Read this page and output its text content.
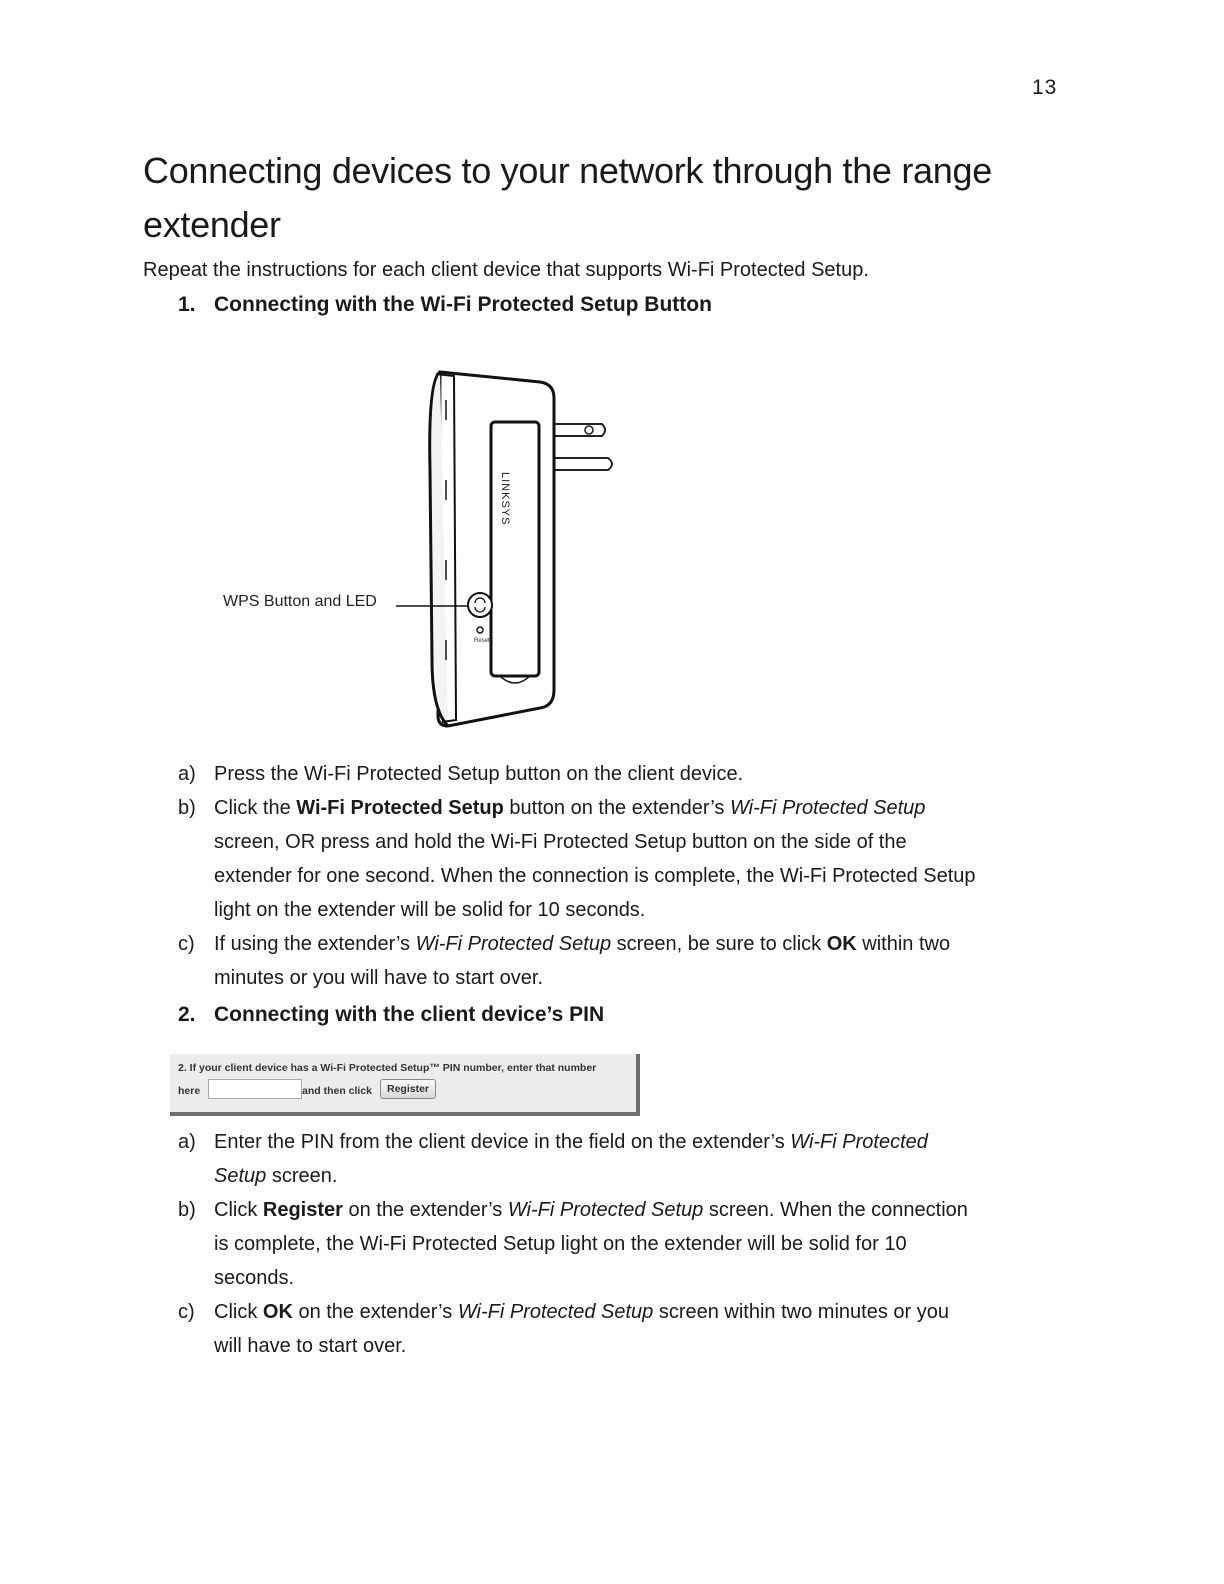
13
Connecting devices to your network through the range extender

Repeat the instructions for each client device that supports Wi-Fi Protected Setup.

1. Connecting with the Wi-Fi Protected Setup Button
LINKSYS
Reset
WPS Button and LED
a) Press the Wi-Fi Protected Setup button on the client device.
b) Click the Wi-Fi Protected Setup button on the extender’s Wi-Fi Protected Setup screen, OR press and hold the Wi-Fi Protected Setup button on the side of the extender for one second. When the connection is complete, the Wi-Fi Protected Setup light on the extender will be solid for 10 seconds.
c) If using the extender’s Wi-Fi Protected Setup screen, be sure to click OK within two minutes or you will have to start over.
2. Connecting with the client device’s PIN
2. If your client device has a Wi-Fi Protected Setup™ PIN number, enter that number
here	and then click	Register
a) Enter the PIN from the client device in the field on the extender’s Wi-Fi Protected Setup screen.
b) Click Register on the extender’s Wi-Fi Protected Setup screen. When the connection is complete, the Wi-Fi Protected Setup light on the extender will be solid for 10 seconds.
c) Click OK on the extender’s Wi-Fi Protected Setup screen within two minutes or you will have to start over.
